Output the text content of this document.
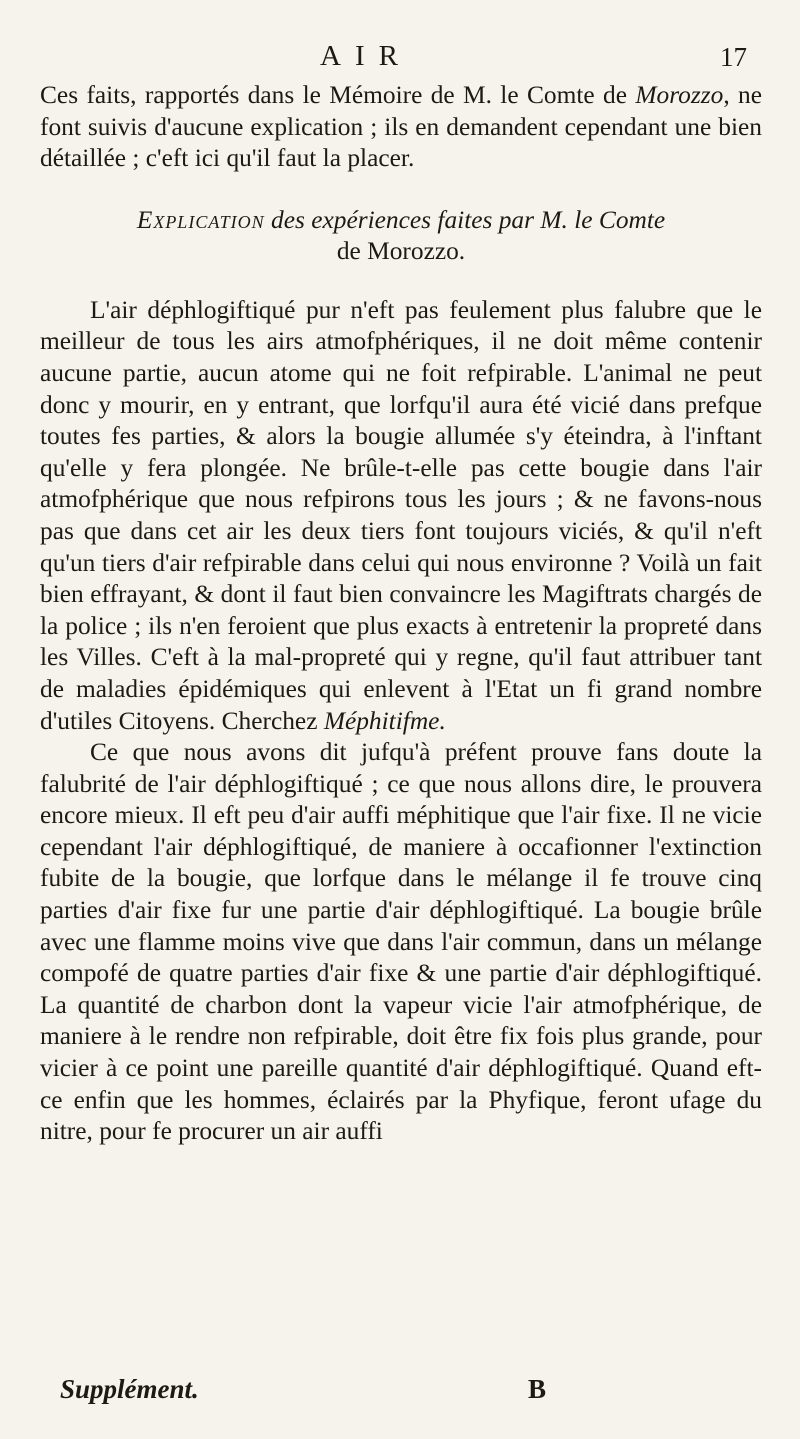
AIR	17

Ces faits, rapportés dans le Mémoire de M. le Comte de Morozzo, ne font suivis d'aucune explication ; ils en demandent cependant une bien détaillée ; c'eft ici qu'il faut la placer.

Explication des expériences faites par M. le Comte
de Morozzo.

L'air déphlogiftiqué pur n'eft pas feulement plus falubre que le meilleur de tous les airs atmofphériques, il ne doit même contenir aucune partie, aucun atome qui ne foit refpirable. L'animal ne peut donc y mourir, en y entrant, que lorfqu'il aura été vicié dans prefque toutes fes parties, & alors la bougie allumée s'y éteindra, à l'inftant qu'elle y fera plongée. Ne brûle-t-elle pas cette bougie dans l'air atmofphérique que nous refpirons tous les jours ; & ne favons-nous pas que dans cet air les deux tiers font toujours viciés, & qu'il n'eft qu'un tiers d'air refpirable dans celui qui nous environne ? Voilà un fait bien effrayant, & dont il faut bien convaincre les Magiftrats chargés de la police ; ils n'en feroient que plus exacts à entretenir la propreté dans les Villes. C'eft à la mal-propreté qui y regne, qu'il faut attribuer tant de maladies épidémiques qui enlevent à l'Etat un fi grand nombre d'utiles Citoyens. Cherchez Méphitifme.

Ce que nous avons dit jufqu'à préfent prouve fans doute la falubrité de l'air déphlogiftiqué ; ce que nous allons dire, le prouvera encore mieux. Il eft peu d'air auffi méphitique que l'air fixe. Il ne vicie cependant l'air déphlogiftiqué, de maniere à occafionner l'extinction fubite de la bougie, que lorfque dans le mélange il fe trouve cinq parties d'air fixe fur une partie d'air déphlogiftiqué. La bougie brûle avec une flamme moins vive que dans l'air commun, dans un mélange compofé de quatre parties d'air fixe & une partie d'air déphlogiftiqué. La quantité de charbon dont la vapeur vicie l'air atmofphérique, de maniere à le rendre non refpirable, doit être fix fois plus grande, pour vicier à ce point une pareille quantité d'air déphlogiftiqué. Quand eft-ce enfin que les hommes, éclairés par la Phyfique, feront ufage du nitre, pour fe procurer un air auffi

Supplément.	B
